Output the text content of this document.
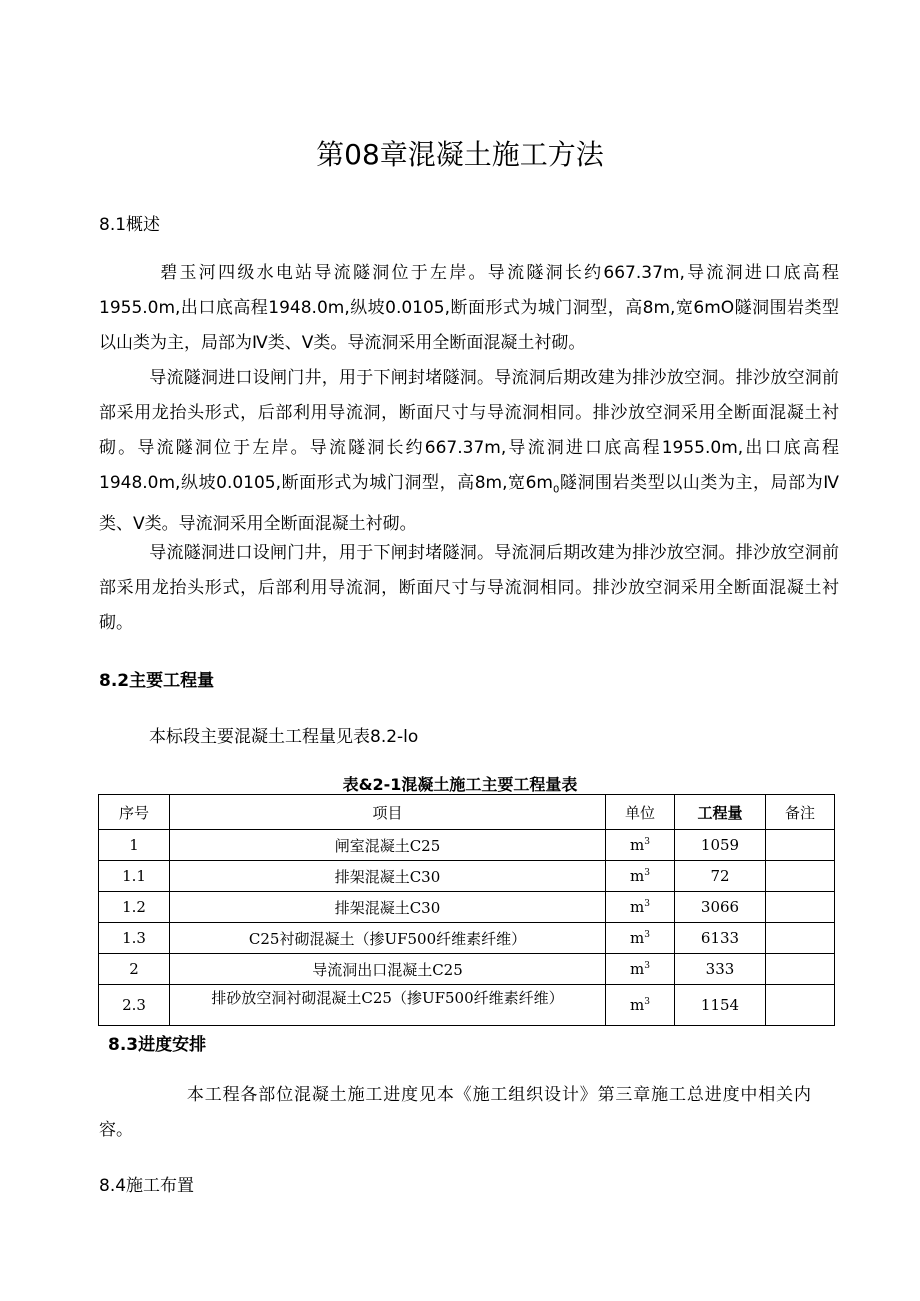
第08章混凝土施工方法
8.1概述
碧玉河四级水电站导流隧洞位于左岸。导流隧洞长约667.37m,导流洞进口底高程1955.0m,出口底高程1948.0m,纵坡0.0105,断面形式为城门洞型，高8m,宽6mO隧洞围岩类型以山类为主，局部为Ⅳ类、Ⅴ类。导流洞采用全断面混凝土衬砌。
导流隧洞进口设闸门井，用于下闸封堵隧洞。导流洞后期改建为排沙放空洞。排沙放空洞前部采用龙抬头形式，后部利用导流洞，断面尺寸与导流洞相同。排沙放空洞采用全断面混凝土衬砌。导流隧洞位于左岸。导流隧洞长约667.37m,导流洞进口底高程1955.0m,出口底高程1948.0m,纵坡0.0105,断面形式为城门洞型，高8m,宽$6m_0$隧洞围岩类型以山类为主，局部为Ⅳ类、Ⅴ类。导流洞采用全断面混凝土衬砌。
导流隧洞进口设闸门井，用于下闸封堵隧洞。导流洞后期改建为排沙放空洞。排沙放空洞前部采用龙抬头形式，后部利用导流洞，断面尺寸与导流洞相同。排沙放空洞采用全断面混凝土衬砌。
8.2主要工程量
本标段主要混凝土工程量见表8.2-lo
表&2-1混凝土施工主要工程量表
序号	项目	单位	工程量	备注
1	闸室混凝土C25	$m^3$	1059	
1.1	排架混凝土C30	$m^3$	72	
1.2	排架混凝土C30	$m^3$	3066	
1.3	C25衬砌混凝土（掺UF500纤维素纤维）	$m^3$	6133	
2	导流洞出口混凝土C25	$m^3$	333	
2.3	排砂放空洞衬砌混凝土C25（掺UF500纤维素纤维）	$m^3$	1154	
8.3进度安排
本工程各部位混凝土施工进度见本《施工组织设计》第三章施工总进度中相关内容。
8.4施工布置
